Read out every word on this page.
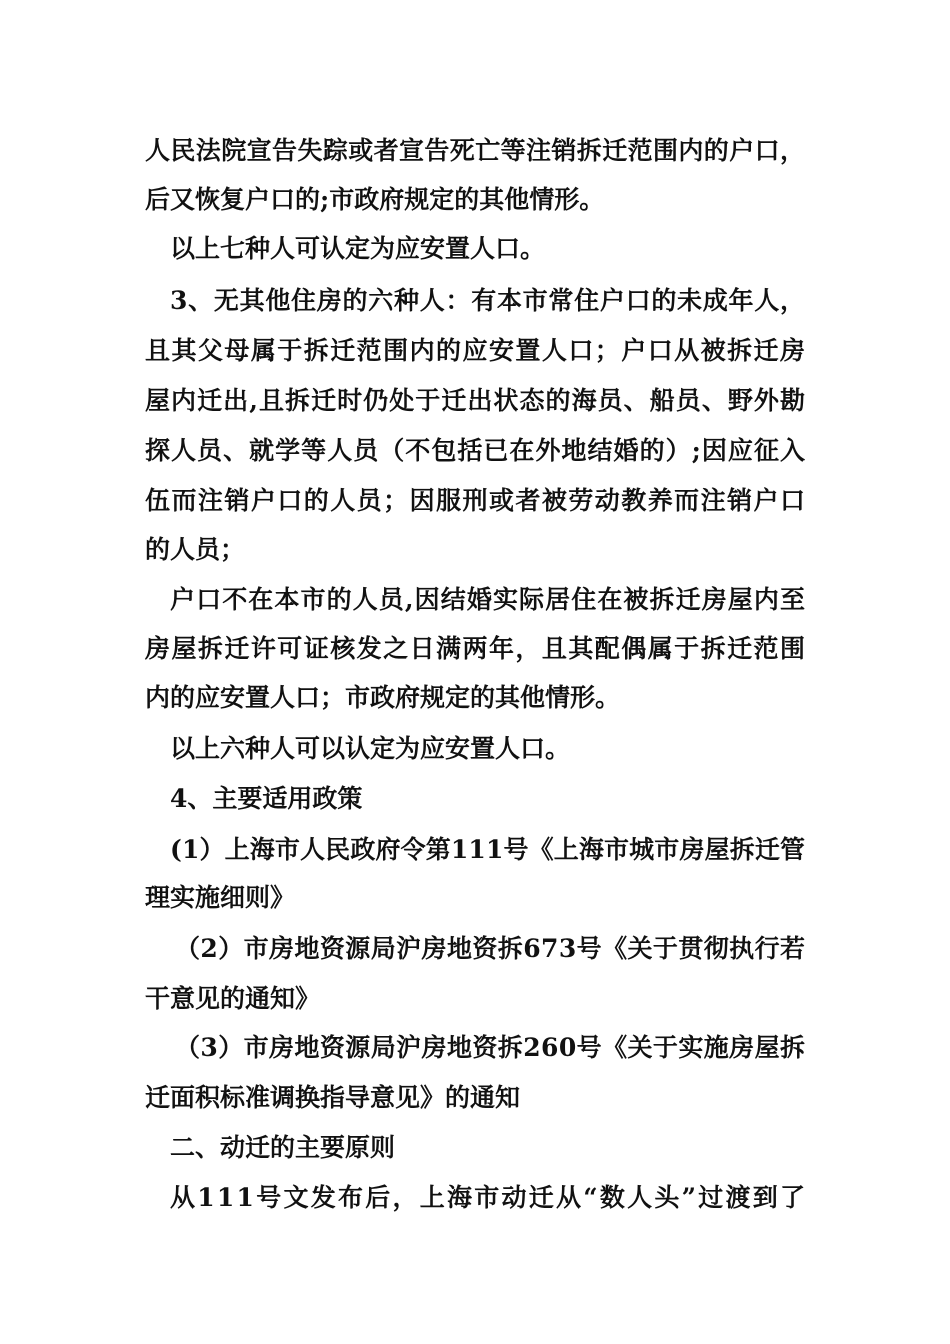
人民法院宣告失踪或者宣告死亡等注销拆迁范围内的户口，
后又恢复户口的;市政府规定的其他情形。
以上七种人可认定为应安置人口。
3、无其他住房的六种人：有本市常住户口的未成年人，
且其父母属于拆迁范围内的应安置人口；户口从被拆迁房
屋内迁出,且拆迁时仍处于迁出状态的海员、船员、野外勘
探人员、就学等人员（不包括已在外地结婚的）;因应征入
伍而注销户口的人员；因服刑或者被劳动教养而注销户口
的人员；
户口不在本市的人员,因结婚实际居住在被拆迁房屋内至
房屋拆迁许可证核发之日满两年，且其配偶属于拆迁范围
内的应安置人口；市政府规定的其他情形。
以上六种人可以认定为应安置人口。
4、主要适用政策
(1）上海市人民政府令第111号《上海市城市房屋拆迁管
理实施细则》
（2）市房地资源局沪房地资拆673号《关于贯彻执行若
干意见的通知》
（3）市房地资源局沪房地资拆260号《关于实施房屋拆
迁面积标准调换指导意见》的通知
二、动迁的主要原则
从111号文发布后，上海市动迁从“数人头”过渡到了
